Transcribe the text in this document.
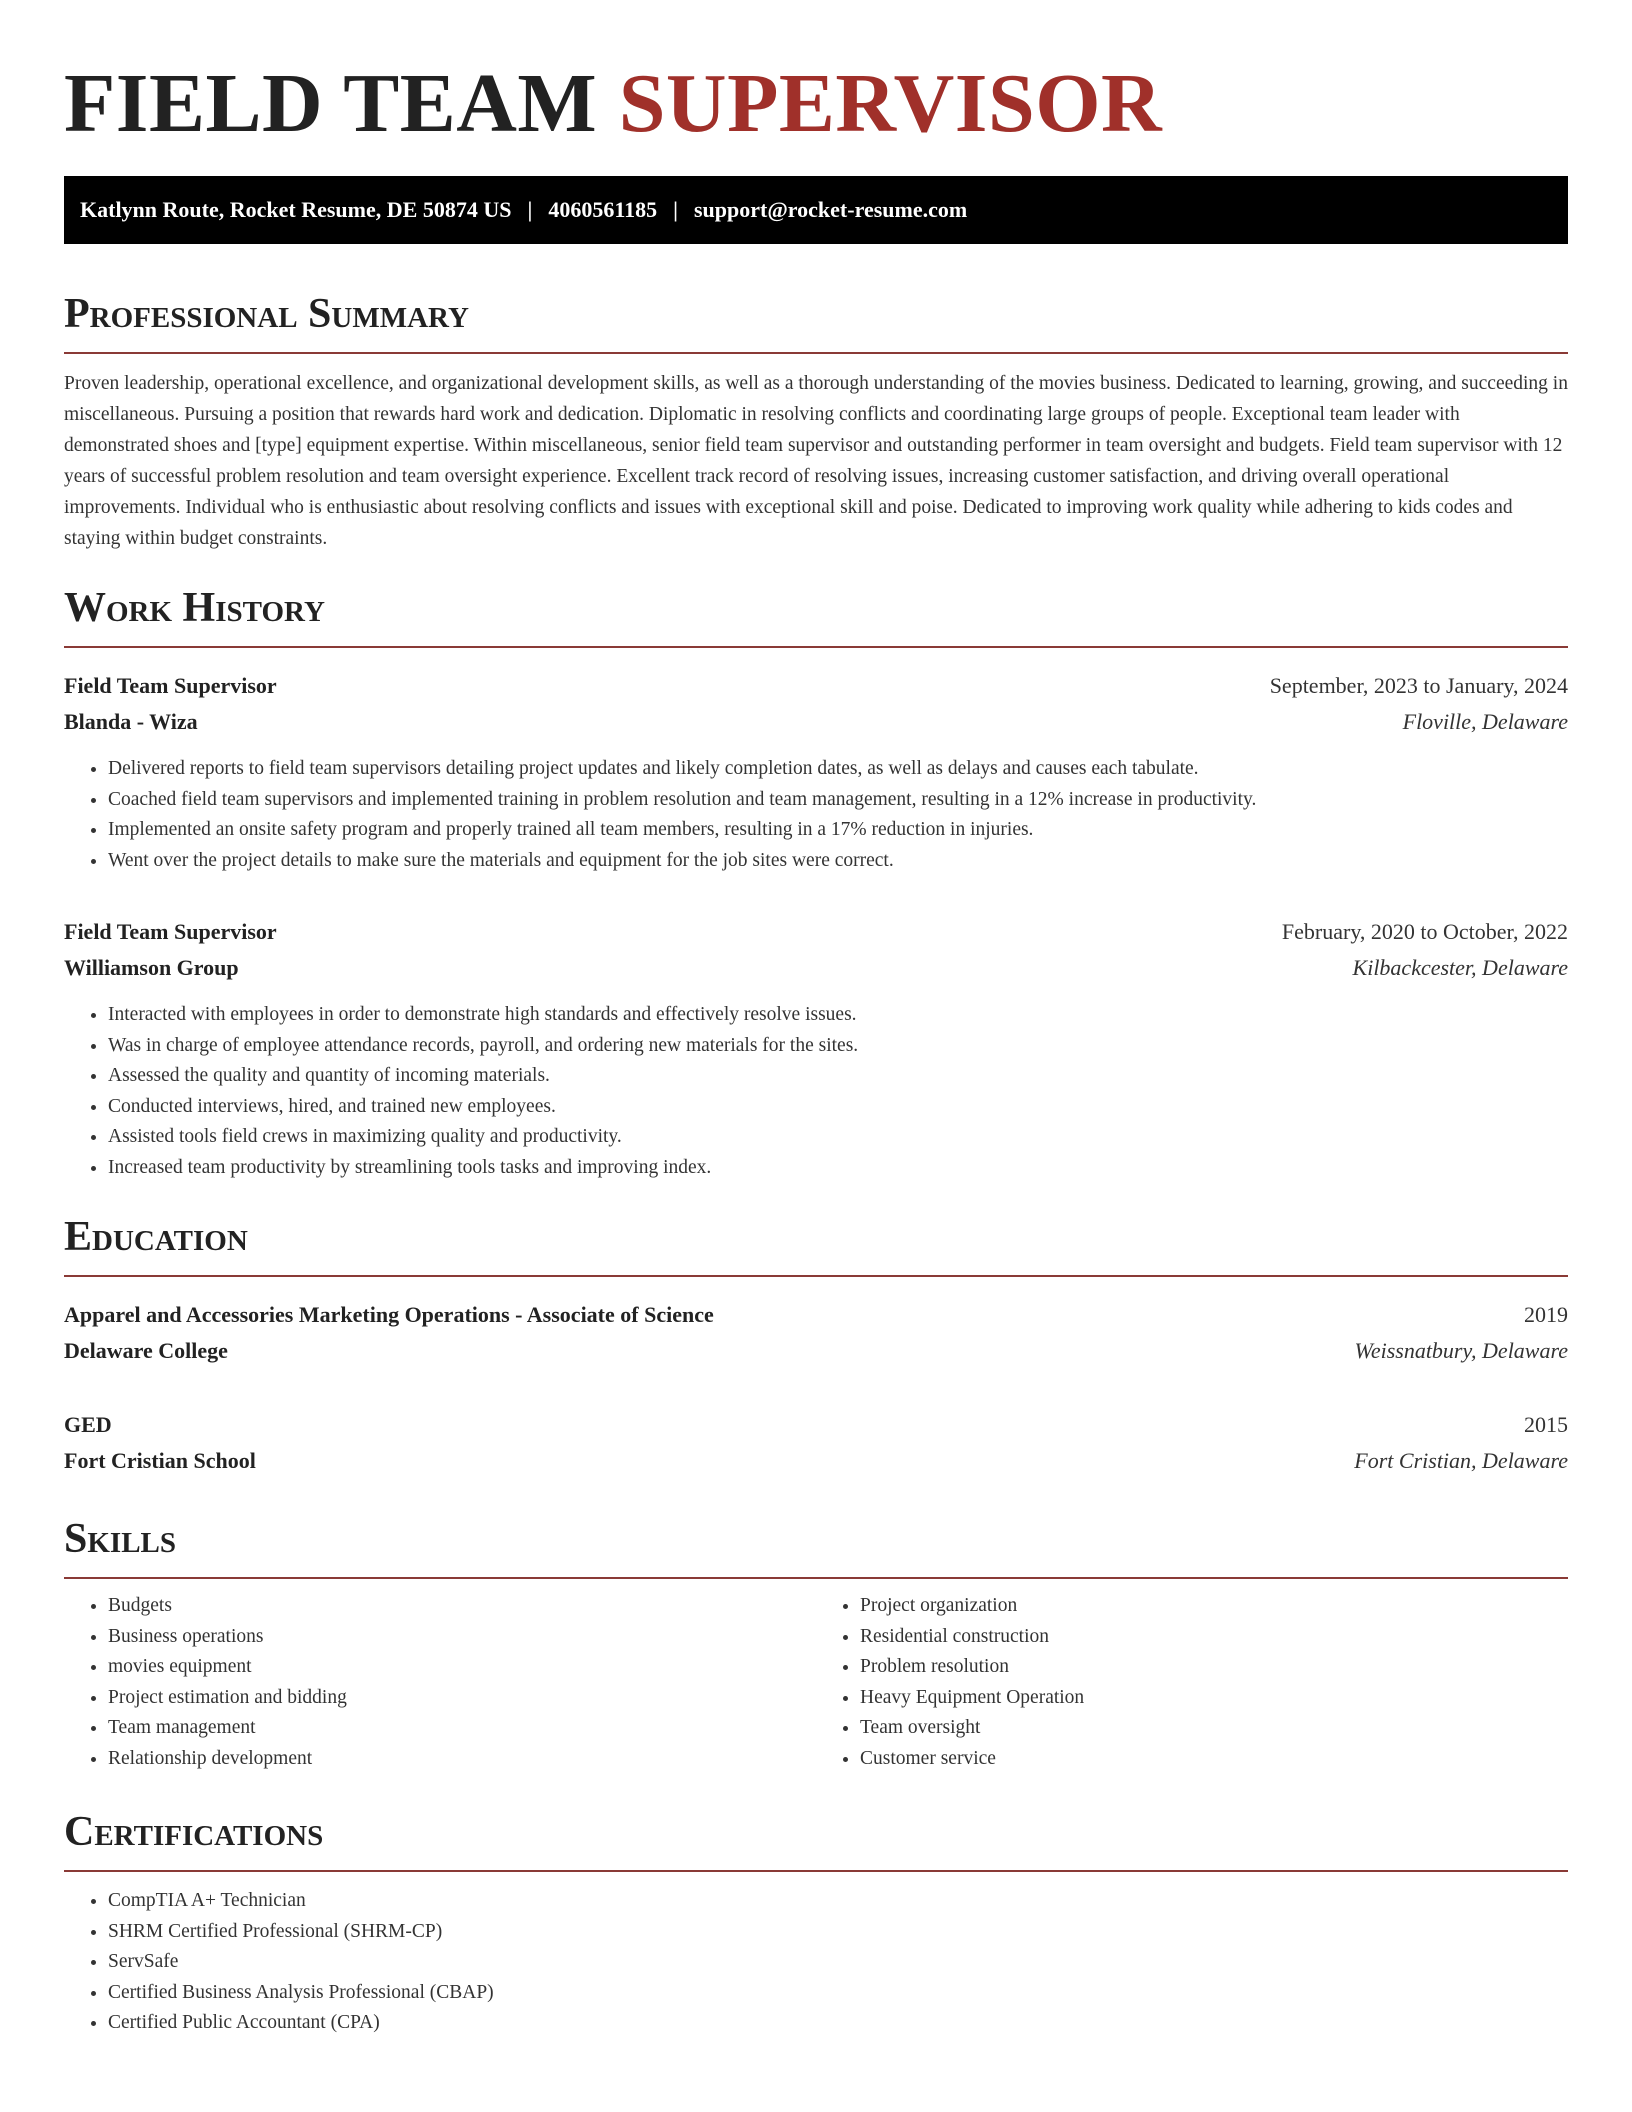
FIELD TEAM SUPERVISOR
Katlynn Route, Rocket Resume, DE 50874 US | 4060561185 | support@rocket-resume.com
Professional Summary

Proven leadership, operational excellence, and organizational development skills, as well as a thorough understanding of the movies business. Dedicated to learning, growing, and succeeding in miscellaneous. Pursuing a position that rewards hard work and dedication. Diplomatic in resolving conflicts and coordinating large groups of people. Exceptional team leader with demonstrated shoes and [type] equipment expertise. Within miscellaneous, senior field team supervisor and outstanding performer in team oversight and budgets. Field team supervisor with 12 years of successful problem resolution and team oversight experience. Excellent track record of resolving issues, increasing customer satisfaction, and driving overall operational improvements. Individual who is enthusiastic about resolving conflicts and issues with exceptional skill and poise. Dedicated to improving work quality while adhering to kids codes and staying within budget constraints.

Work History
Field Team Supervisor	September, 2023 to January, 2024
Blanda - Wiza	Floville, Delaware
• Delivered reports to field team supervisors detailing project updates and likely completion dates, as well as delays and causes each tabulate.
• Coached field team supervisors and implemented training in problem resolution and team management, resulting in a 12% increase in productivity.
• Implemented an onsite safety program and properly trained all team members, resulting in a 17% reduction in injuries.
• Went over the project details to make sure the materials and equipment for the job sites were correct.
Field Team Supervisor	February, 2020 to October, 2022
Williamson Group	Kilbackcester, Delaware
• Interacted with employees in order to demonstrate high standards and effectively resolve issues.
• Was in charge of employee attendance records, payroll, and ordering new materials for the sites.
• Assessed the quality and quantity of incoming materials.
• Conducted interviews, hired, and trained new employees.
• Assisted tools field crews in maximizing quality and productivity.
• Increased team productivity by streamlining tools tasks and improving index.
Education
Apparel and Accessories Marketing Operations - Associate of Science	2019
Delaware College	Weissnatbury, Delaware
GED	2015
Fort Cristian School	Fort Cristian, Delaware
Skills
• Budgets
• Business operations
• movies equipment
• Project estimation and bidding
• Team management
• Relationship development
• Project organization
• Residential construction
• Problem resolution
• Heavy Equipment Operation
• Team oversight
• Customer service
Certifications
• CompTIA A+ Technician
• SHRM Certified Professional (SHRM-CP)
• ServSafe
• Certified Business Analysis Professional (CBAP)
• Certified Public Accountant (CPA)
